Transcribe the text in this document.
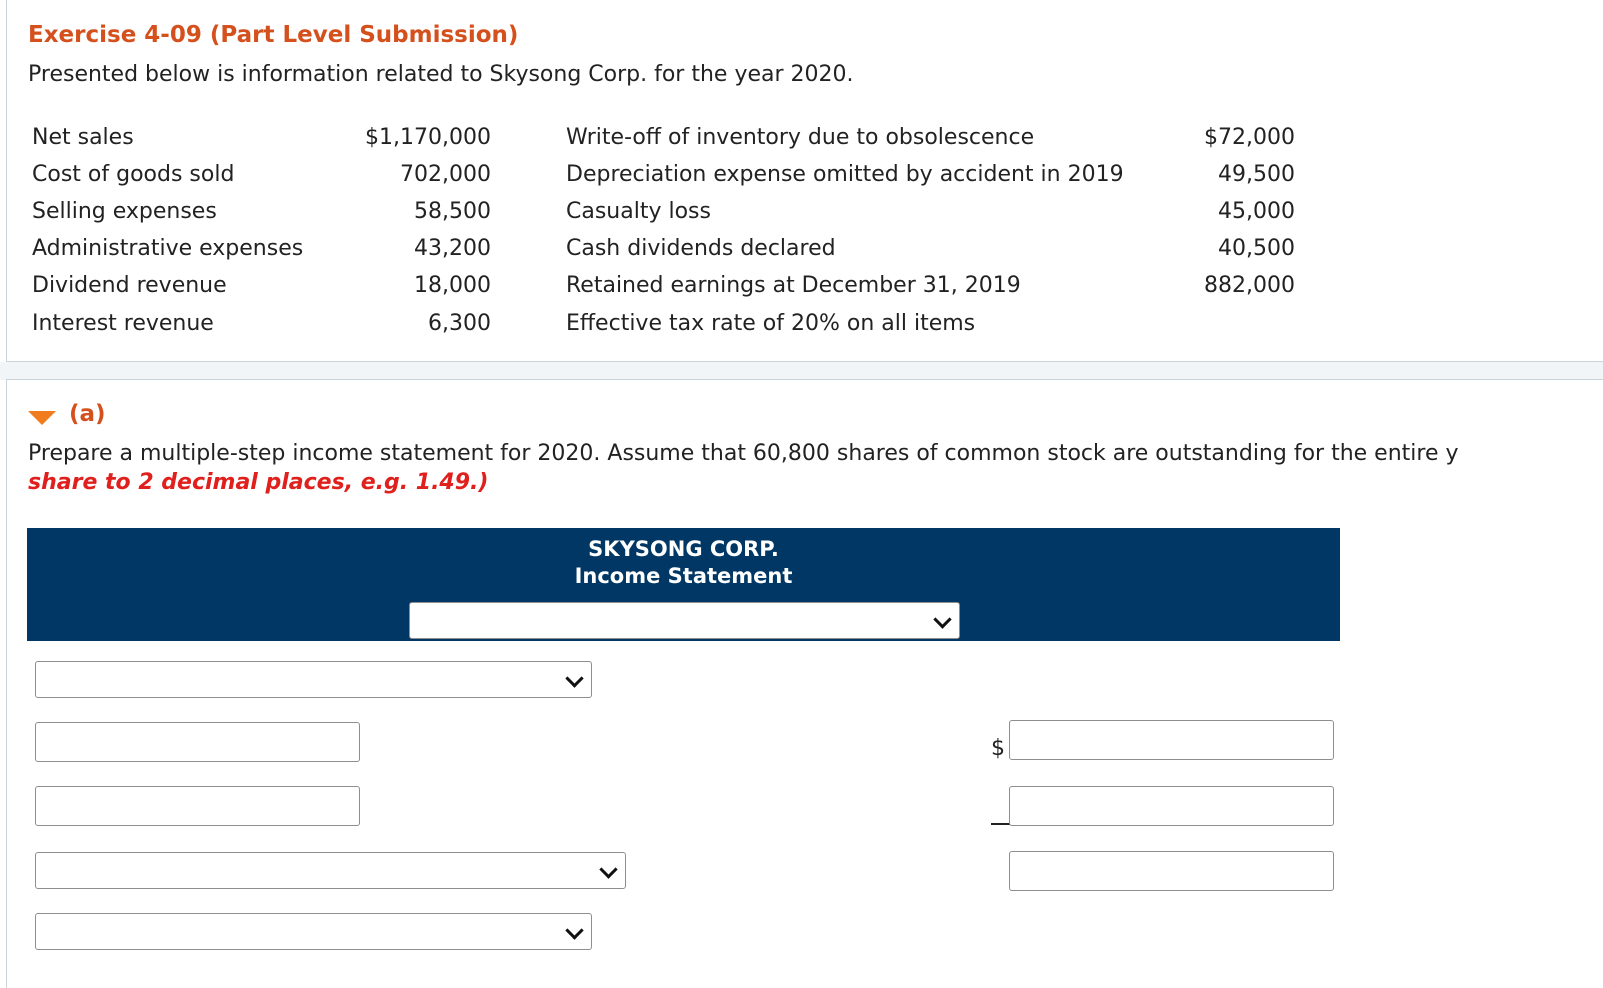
Exercise 4-09 (Part Level Submission)
Presented below is information related to Skysong Corp. for the year 2020.
Net sales	$1,170,000
Cost of goods sold	702,000
Selling expenses	58,500
Administrative expenses	43,200
Dividend revenue	18,000
Interest revenue	6,300
Write-off of inventory due to obsolescence	$72,000
Depreciation expense omitted by accident in 2019	49,500
Casualty loss	45,000
Cash dividends declared	40,500
Retained earnings at December 31, 2019	882,000
Effective tax rate of 20% on all items
(a)
Prepare a multiple-step income statement for 2020. Assume that 60,800 shares of common stock are outstanding for the entire y
share to 2 decimal places, e.g. 1.49.)
SKYSONG CORP.
Income Statement
$
